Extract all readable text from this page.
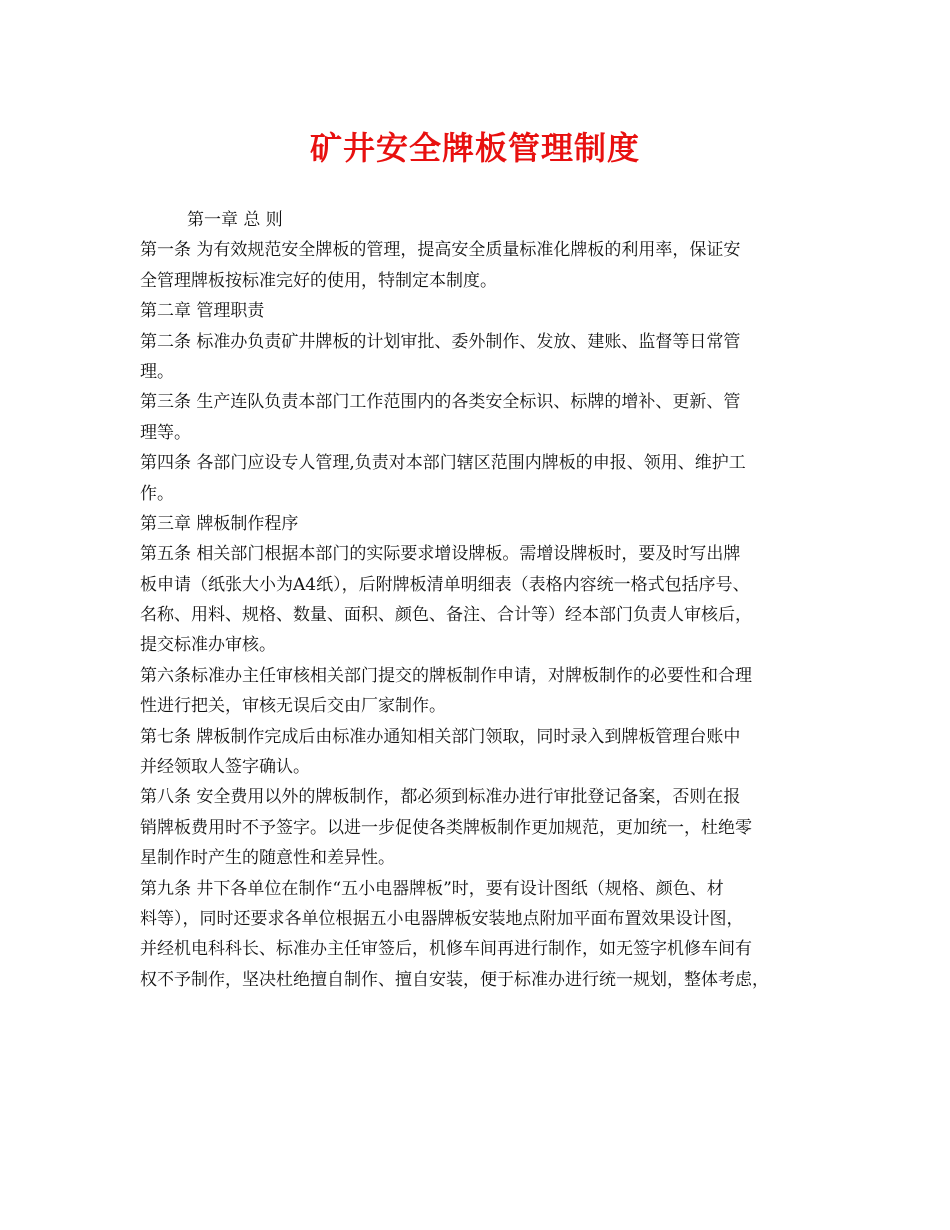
矿井安全牌板管理制度
第一章 总 则
第一条 为有效规范安全牌板的管理，提高安全质量标准化牌板的利用率，保证安
全管理牌板按标准完好的使用，特制定本制度。
第二章 管理职责
第二条 标准办负责矿井牌板的计划审批、委外制作、发放、建账、监督等日常管
理。
第三条 生产连队负责本部门工作范围内的各类安全标识、标牌的增补、更新、管
理等。
第四条 各部门应设专人管理,负责对本部门辖区范围内牌板的申报、领用、维护工
作。
第三章 牌板制作程序
第五条 相关部门根据本部门的实际要求增设牌板。需增设牌板时，要及时写出牌
板申请（纸张大小为A4纸），后附牌板清单明细表（表格内容统一格式包括序号、
名称、用料、规格、数量、面积、颜色、备注、合计等）经本部门负责人审核后，
提交标准办审核。
第六条标准办主任审核相关部门提交的牌板制作申请，对牌板制作的必要性和合理
性进行把关，审核无误后交由厂家制作。
第七条 牌板制作完成后由标准办通知相关部门领取，同时录入到牌板管理台账中
并经领取人签字确认。
第八条 安全费用以外的牌板制作，都必须到标准办进行审批登记备案，否则在报
销牌板费用时不予签字。以进一步促使各类牌板制作更加规范，更加统一，杜绝零
星制作时产生的随意性和差异性。
第九条 井下各单位在制作“五小电器牌板”时，要有设计图纸（规格、颜色、材
料等），同时还要求各单位根据五小电器牌板安装地点附加平面布置效果设计图，
并经机电科科长、标准办主任审签后，机修车间再进行制作，如无签字机修车间有
权不予制作，坚决杜绝擅自制作、擅自安装，便于标准办进行统一规划，整体考虑，
